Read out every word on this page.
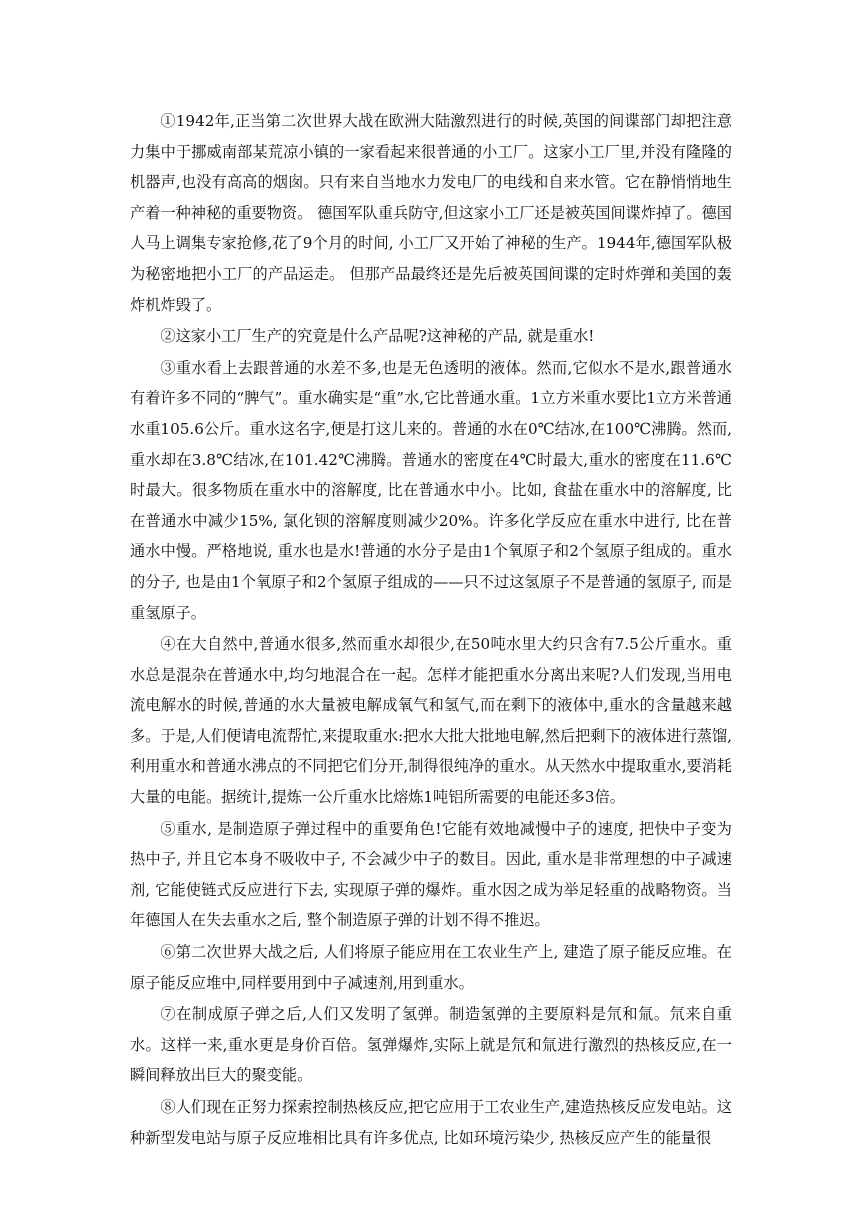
①1942年,正当第二次世界大战在欧洲大陆激烈进行的时候,英国的间谍部门却把注意力集中于挪威南部某荒凉小镇的一家看起来很普通的小工厂。这家小工厂里,并没有隆隆的机器声,也没有高高的烟囱。只有来自当地水力发电厂的电线和自来水管。它在静悄悄地生产着一种神秘的重要物资。 德国军队重兵防守,但这家小工厂还是被英国间谍炸掉了。德国人马上调集专家抢修,花了9个月的时间, 小工厂又开始了神秘的生产。1944年,德国军队极为秘密地把小工厂的产品运走。 但那产品最终还是先后被英国间谍的定时炸弹和美国的轰炸机炸毁了。

②这家小工厂生产的究竟是什么产品呢?这神秘的产品, 就是重水!

③重水看上去跟普通的水差不多,也是无色透明的液体。然而,它似水不是水,跟普通水有着许多不同的“脾气”。重水确实是“重”水,它比普通水重。1立方米重水要比1立方米普通水重105.6公斤。重水这名字,便是打这儿来的。普通的水在0℃结冰,在100℃沸腾。然而,重水却在3.8℃结冰,在101.42℃沸腾。普通水的密度在4℃时最大,重水的密度在11.6℃时最大。很多物质在重水中的溶解度, 比在普通水中小。比如, 食盐在重水中的溶解度, 比在普通水中减少15%, 氯化钡的溶解度则减少20%。许多化学反应在重水中进行, 比在普通水中慢。严格地说, 重水也是水!普通的水分子是由1个氧原子和2个氢原子组成的。重水的分子, 也是由1个氧原子和2个氢原子组成的——只不过这氢原子不是普通的氢原子, 而是重氢原子。

④在大自然中,普通水很多,然而重水却很少,在50吨水里大约只含有7.5公斤重水。重水总是混杂在普通水中,均匀地混合在一起。怎样才能把重水分离出来呢?人们发现,当用电流电解水的时候,普通的水大量被电解成氧气和氢气,而在剩下的液体中,重水的含量越来越多。于是,人们便请电流帮忙,来提取重水:把水大批大批地电解,然后把剩下的液体进行蒸馏,利用重水和普通水沸点的不同把它们分开,制得很纯净的重水。从天然水中提取重水,要消耗大量的电能。据统计,提炼一公斤重水比熔炼1吨铝所需要的电能还多3倍。

⑤重水, 是制造原子弹过程中的重要角色!它能有效地减慢中子的速度, 把快中子变为热中子, 并且它本身不吸收中子, 不会减少中子的数目。因此, 重水是非常理想的中子减速剂, 它能使链式反应进行下去, 实现原子弹的爆炸。重水因之成为举足轻重的战略物资。当年德国人在失去重水之后, 整个制造原子弹的计划不得不推迟。

⑥第二次世界大战之后, 人们将原子能应用在工农业生产上, 建造了原子能反应堆。在原子能反应堆中,同样要用到中子减速剂,用到重水。

⑦在制成原子弹之后,人们又发明了氢弹。制造氢弹的主要原料是氘和氚。氘来自重水。这样一来,重水更是身价百倍。氢弹爆炸,实际上就是氘和氚进行激烈的热核反应,在一瞬间释放出巨大的聚变能。

⑧人们现在正努力探索控制热核反应,把它应用于工农业生产,建造热核反应发电站。这种新型发电站与原子反应堆相比具有许多优点, 比如环境污染少, 热核反应产生的能量很
